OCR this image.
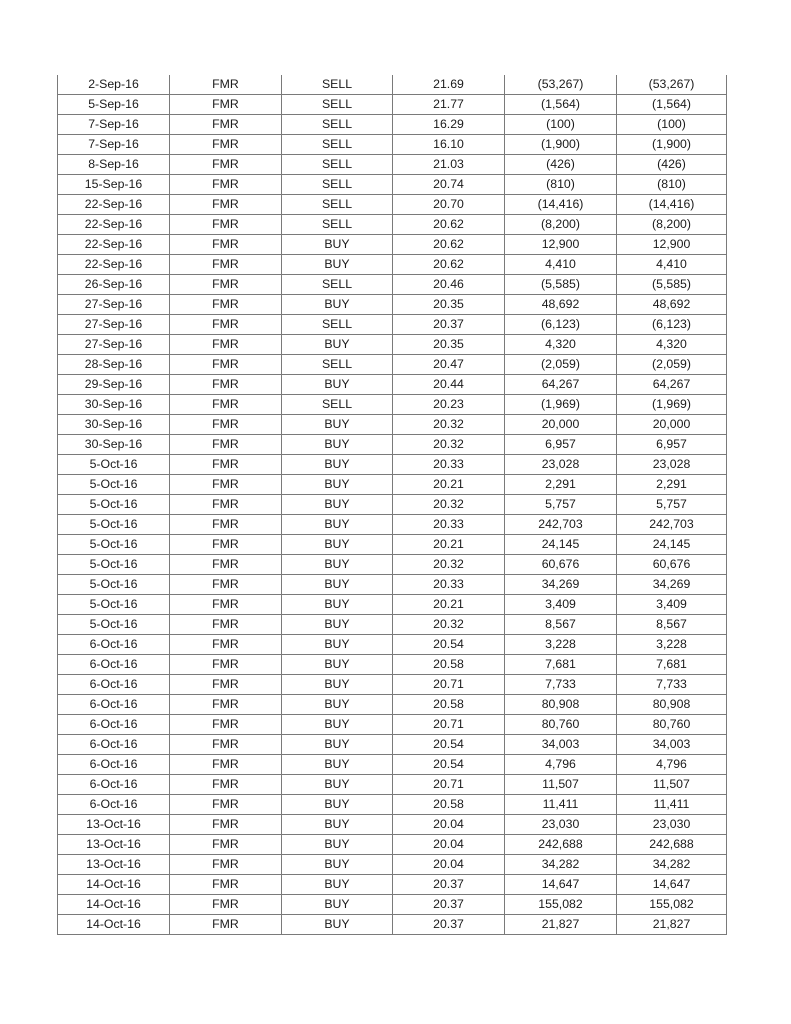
2-Sep-16	FMR	SELL	21.69	(53,267)	(53,267)
5-Sep-16	FMR	SELL	21.77	(1,564)	(1,564)
7-Sep-16	FMR	SELL	16.29	(100)	(100)
7-Sep-16	FMR	SELL	16.10	(1,900)	(1,900)
8-Sep-16	FMR	SELL	21.03	(426)	(426)
15-Sep-16	FMR	SELL	20.74	(810)	(810)
22-Sep-16	FMR	SELL	20.70	(14,416)	(14,416)
22-Sep-16	FMR	SELL	20.62	(8,200)	(8,200)
22-Sep-16	FMR	BUY	20.62	12,900	12,900
22-Sep-16	FMR	BUY	20.62	4,410	4,410
26-Sep-16	FMR	SELL	20.46	(5,585)	(5,585)
27-Sep-16	FMR	BUY	20.35	48,692	48,692
27-Sep-16	FMR	SELL	20.37	(6,123)	(6,123)
27-Sep-16	FMR	BUY	20.35	4,320	4,320
28-Sep-16	FMR	SELL	20.47	(2,059)	(2,059)
29-Sep-16	FMR	BUY	20.44	64,267	64,267
30-Sep-16	FMR	SELL	20.23	(1,969)	(1,969)
30-Sep-16	FMR	BUY	20.32	20,000	20,000
30-Sep-16	FMR	BUY	20.32	6,957	6,957
5-Oct-16	FMR	BUY	20.33	23,028	23,028
5-Oct-16	FMR	BUY	20.21	2,291	2,291
5-Oct-16	FMR	BUY	20.32	5,757	5,757
5-Oct-16	FMR	BUY	20.33	242,703	242,703
5-Oct-16	FMR	BUY	20.21	24,145	24,145
5-Oct-16	FMR	BUY	20.32	60,676	60,676
5-Oct-16	FMR	BUY	20.33	34,269	34,269
5-Oct-16	FMR	BUY	20.21	3,409	3,409
5-Oct-16	FMR	BUY	20.32	8,567	8,567
6-Oct-16	FMR	BUY	20.54	3,228	3,228
6-Oct-16	FMR	BUY	20.58	7,681	7,681
6-Oct-16	FMR	BUY	20.71	7,733	7,733
6-Oct-16	FMR	BUY	20.58	80,908	80,908
6-Oct-16	FMR	BUY	20.71	80,760	80,760
6-Oct-16	FMR	BUY	20.54	34,003	34,003
6-Oct-16	FMR	BUY	20.54	4,796	4,796
6-Oct-16	FMR	BUY	20.71	11,507	11,507
6-Oct-16	FMR	BUY	20.58	11,411	11,411
13-Oct-16	FMR	BUY	20.04	23,030	23,030
13-Oct-16	FMR	BUY	20.04	242,688	242,688
13-Oct-16	FMR	BUY	20.04	34,282	34,282
14-Oct-16	FMR	BUY	20.37	14,647	14,647
14-Oct-16	FMR	BUY	20.37	155,082	155,082
14-Oct-16	FMR	BUY	20.37	21,827	21,827
